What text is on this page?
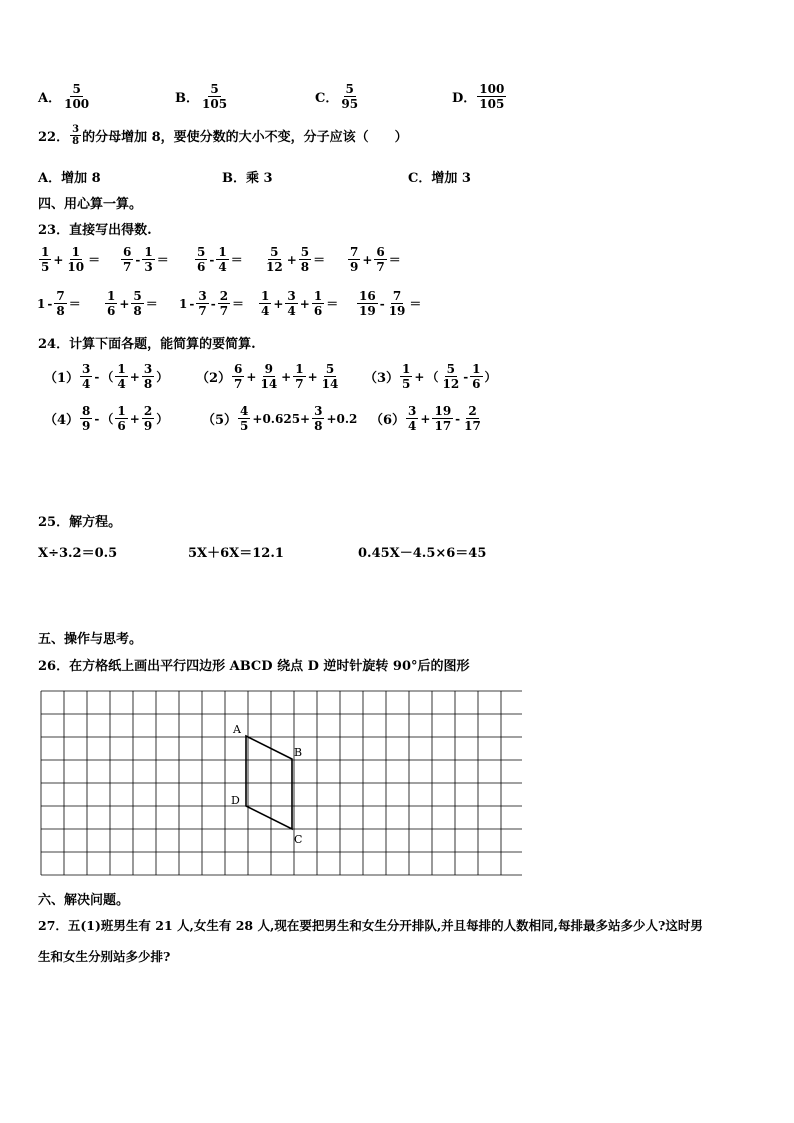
A． $\frac{5}{100}$	B． $\frac{5}{105}$	C． $\frac{5}{95}$	D． $\frac{100}{105}$
22． $\frac{3}{8}$ 的分母增加 8，要使分数的大小不变，分子应该（　　）
A．增加 8	B．乘 3	C．增加 3
四、用心算一算。
23．直接写出得数.
$\frac{1}{5} + \frac{1}{10} = \frac{6}{7} - \frac{1}{3} = \frac{5}{6} - \frac{1}{4} = \frac{5}{12} + \frac{5}{8} = \frac{7}{9} + \frac{6}{7}$ ＝
$1 - \frac{7}{8} = \frac{1}{6} + \frac{5}{8} = 1 - \frac{3}{7} - \frac{2}{7} = \frac{1}{4} + \frac{3}{4} + \frac{1}{6} = \frac{16}{19} - \frac{7}{19}$ ＝
24．计算下面各题，能简算的要简算.
$(1) \frac{3}{4}$ - （ $\frac{1}{4} + \frac{3}{8}$ ） $(2) \frac{6}{7} + \frac{9}{14} + \frac{1}{7} + \frac{5}{14} (3) \frac{1}{5}$ + （ $\frac{5}{12} - \frac{1}{6}$ ）
$(4) \frac{8}{9}$ - （ $\frac{1}{6} + \frac{2}{9}$ ）	$(5) \frac{4}{5} +0.625+ \frac{3}{8} +0.2$ $(6) \frac{3}{4} + \frac{19}{17} - \frac{2}{17}$
25．解方程。
X÷3.2＝0.5	5X＋6X＝12.1	0.45X－4.5×6＝45
五、操作与思考。
26．在方格纸上画出平行四边形 ABCD 绕点 D 逆时针旋转 90°后的图形
A
B
C
D
六、解决问题。
27．五(1)班男生有 21 人,女生有 28 人,现在要把男生和女生分开排队,并且每排的人数相同,每排最多站多少人?这时男
生和女生分别站多少排?
